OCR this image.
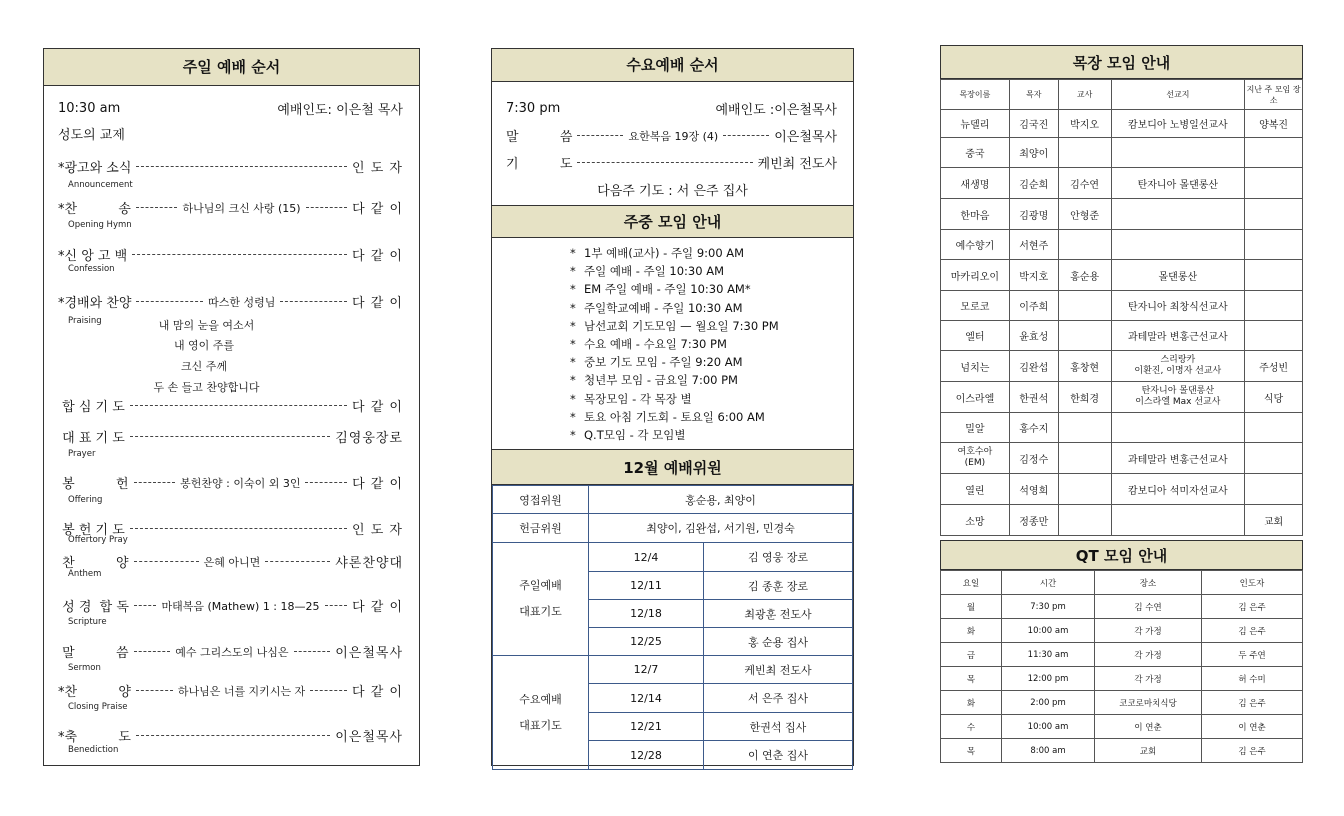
주일 예배 순서
10:30 am	예배인도: 이은철 목사
성도의 교제
*광고와 소식	인 도 자
Announcement
*찬          송	하나님의 크신 사랑 (15)	다 같 이
Opening Hymn
*신 앙 고 백	다 같 이
Confession
*경배와 찬양	따스한 성령님	다 같 이
Praising
합 심 기 도	다 같 이
대 표 기 도	김영웅장로
Prayer
봉          헌	봉헌찬양 : 이숙이 외 3인	다 같 이
Offering
봉 헌 기 도	인 도 자
Offertory Pray
찬          양	은혜 아니면	샤론찬양대
Anthem
성 경  합 독	마태복음 (Mathew) 1 : 18—25	다 같 이
Scripture
말          씀	예수 그리스도의 나심은	이은철목사
Sermon
*찬          양	하나님은 너를 지키시는 자	다 같 이
Closing Praise
*축          도	이은철목사
Benediction
내 맘의 눈을 여소서
내 영이 주를
크신 주께
두 손 들고 찬양합니다
수요예배 순서
7:30 pm	예배인도 :이은철목사
말          씀	요한복음 19장 (4)	이은철목사
기          도	케빈최 전도사
다음주 기도 : 서 은주 집사
주중 모임 안내
* 1부 예배(교사) - 주일 9:00 AM
* 주일 예배 - 주일 10:30 AM
* EM 주일 예배 - 주일 10:30 AM*
* 주일학교예배 - 주일 10:30 AM
* 남선교회 기도모임 — 월요일 7:30 PM
* 수요 예배 - 수요일 7:30 PM
* 중보 기도 모임 - 주일 9:20 AM
* 청년부 모임 - 금요일 7:00 PM
* 목장모임 - 각 목장 별
* 토요 아침 기도회 - 토요일 6:00 AM
* Q.T모임 - 각 모임별
12월 예배위원
영접위원	홍순용, 최양이	
헌금위원	최양이, 김완섭, 서기원, 민경숙	

주일예배
대표기도	12/4	김 영웅 장로
	12/11	김 종훈 장로
	12/18	최광훈 전도사
	12/25	홍 순용 집사

수요예배
대표기도	12/7	케빈최 전도사
	12/14	서 은주 집사
	12/21	한권석 집사
	12/28	이 연춘 집사
목장 모임 안내
목장이름	목자	교사	선교지	지난 주 모임 장소

뉴델리	김국진	박지오	캄보디아 노병일선교사	양복진

중국	최양이			

새생명	김순희	김수연	탄자니아 몰댄롱산	

한마음	김광명	안형준		

예수향기	서현주			

마카리오이	박지호	홍순용	몰댄롱산	

모로코	이주희		탄자니아 최창식선교사	

엘터	윤효성		과테말라 변홍근선교사	

넘치는	김완섭	홍창현	스리랑카
이환진, 이명자 선교사	주성빈

이스라엘	한권석	한희경	탄자니아 몰댄롱산
이스라엘 Max 선교사	식당

밀알	홍수지			

여호수아
(EM)	김정수		과테말라 변홍근선교사	

열린	석영희		캄보디아 석미자선교사	

소망	정종만			교회
QT 모임 안내
요일	시간	장소	인도자
월	7:30 pm	김 수연	김 은주
화	10:00 am	각 가정	김 은주
금	11:30 am	각 가정	두 주연
목	12:00 pm	각 가정	허 수미
화	2:00 pm	코코로마치식당	김 은주
수	10:00 am	이 연춘	이 연춘
목	8:00 am	교회	김 은주
